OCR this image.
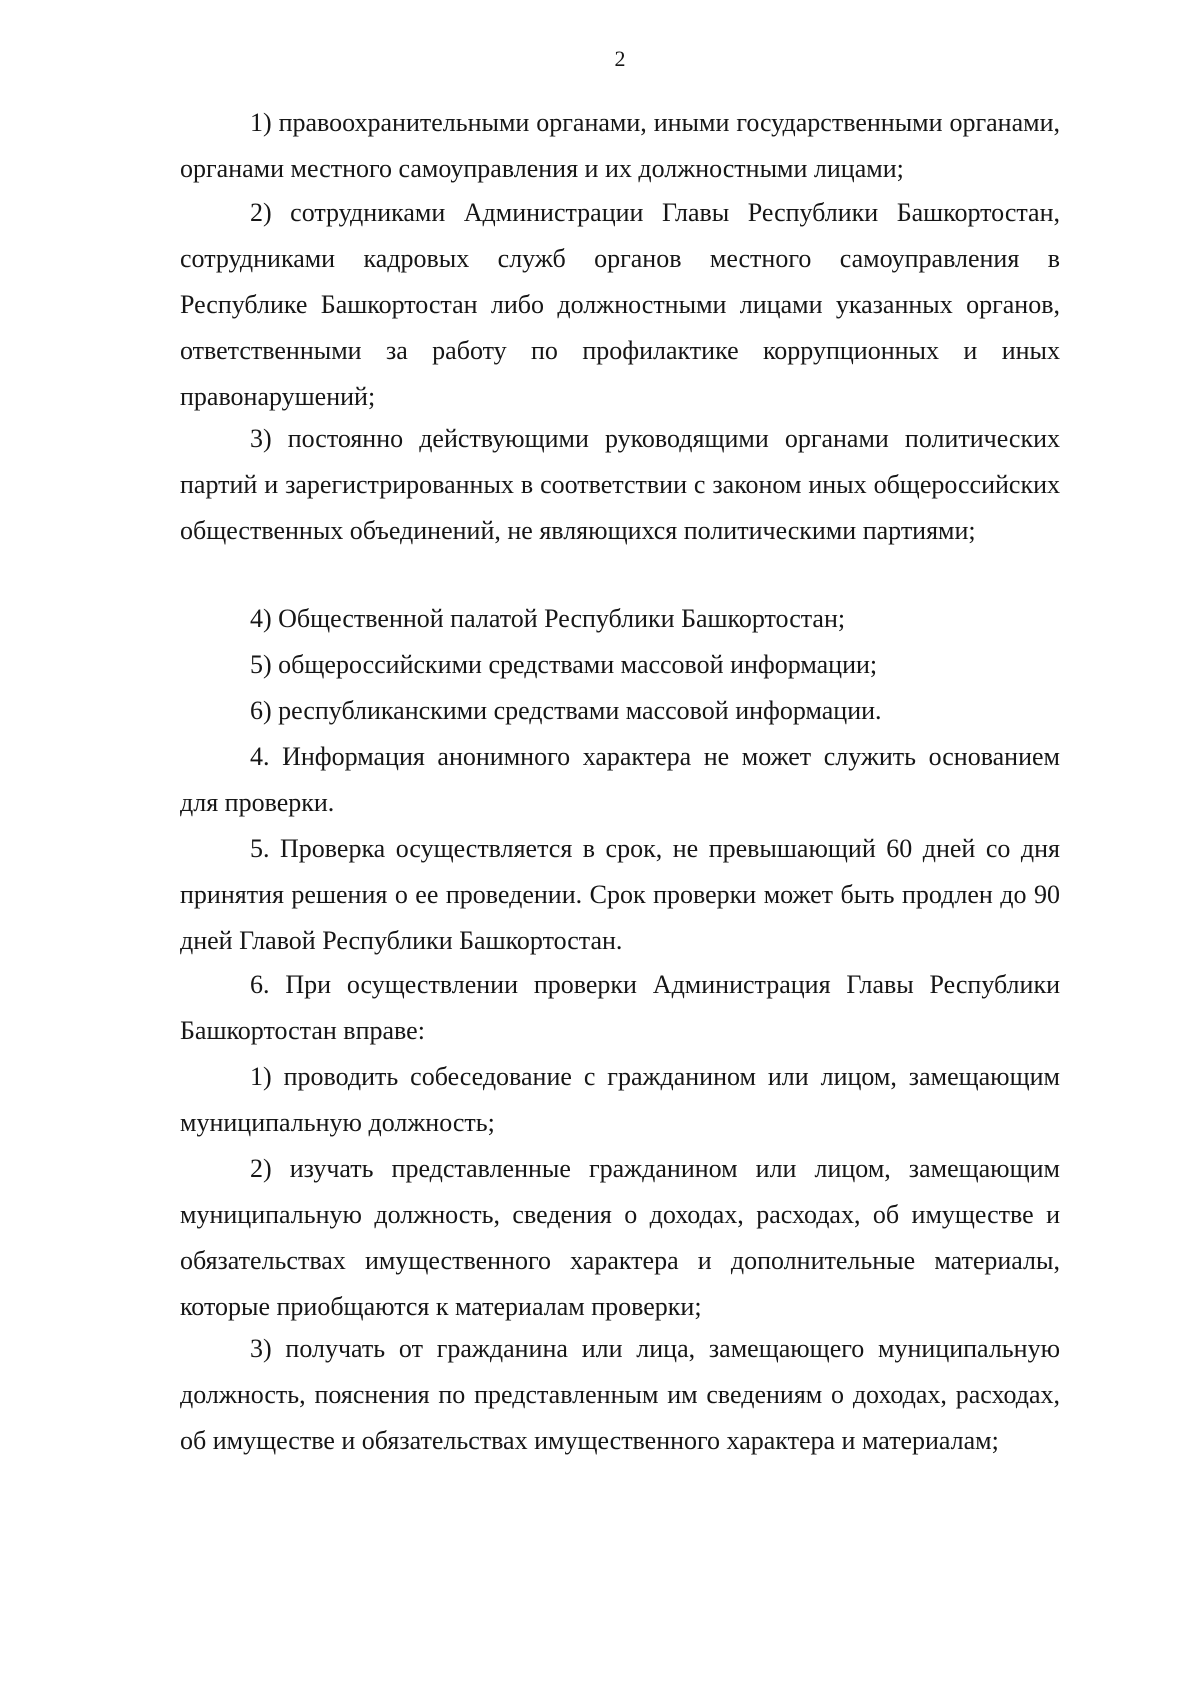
2

1) правоохранительными органами, иными государственными органами, органами местного самоуправления и их должностными лицами;

2) сотрудниками Администрации Главы Республики Башкортостан, сотрудниками кадровых служб органов местного самоуправления в Республике Башкортостан либо должностными лицами указанных органов, ответственными за работу по профилактике коррупционных и иных правонарушений;

3) постоянно действующими руководящими органами политических партий и зарегистрированных в соответствии с законом иных общероссийских общественных объединений, не являющихся политическими партиями;

4) Общественной палатой Республики Башкортостан;

5) общероссийскими средствами массовой информации;

6) республиканскими средствами массовой информации.

4. Информация анонимного характера не может служить основанием для проверки.

5. Проверка осуществляется в срок, не превышающий 60 дней со дня принятия решения о ее проведении. Срок проверки может быть продлен до 90 дней Главой Республики Башкортостан.

6. При осуществлении проверки Администрация Главы Республики Башкортостан вправе:

1) проводить собеседование с гражданином или лицом, замещающим муниципальную должность;

2) изучать представленные гражданином или лицом, замещающим муниципальную должность, сведения о доходах, расходах, об имуществе и обязательствах имущественного характера и дополнительные материалы, которые приобщаются к материалам проверки;

3) получать от гражданина или лица, замещающего муниципальную должность, пояснения по представленным им сведениям о доходах, расходах, об имуществе и обязательствах имущественного характера и материалам;
